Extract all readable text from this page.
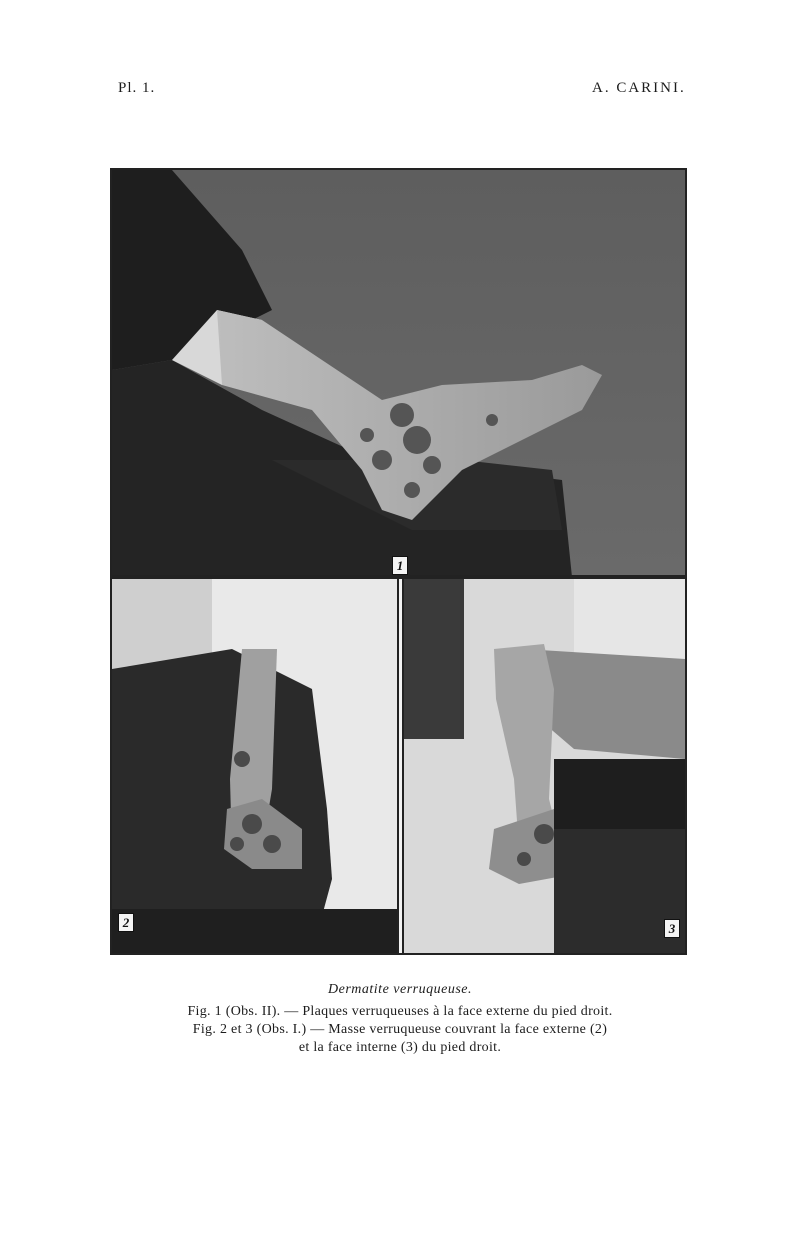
Pl. 1.	A. CARINI.
1
2	3
Dermatite verruqueuse.
Fig. 1 (Obs. II). — Plaques verruqueuses à la face externe du pied droit.
Fig. 2 et 3 (Obs. I.) — Masse verruqueuse couvrant la face externe (2)
et la face interne (3) du pied droit.
